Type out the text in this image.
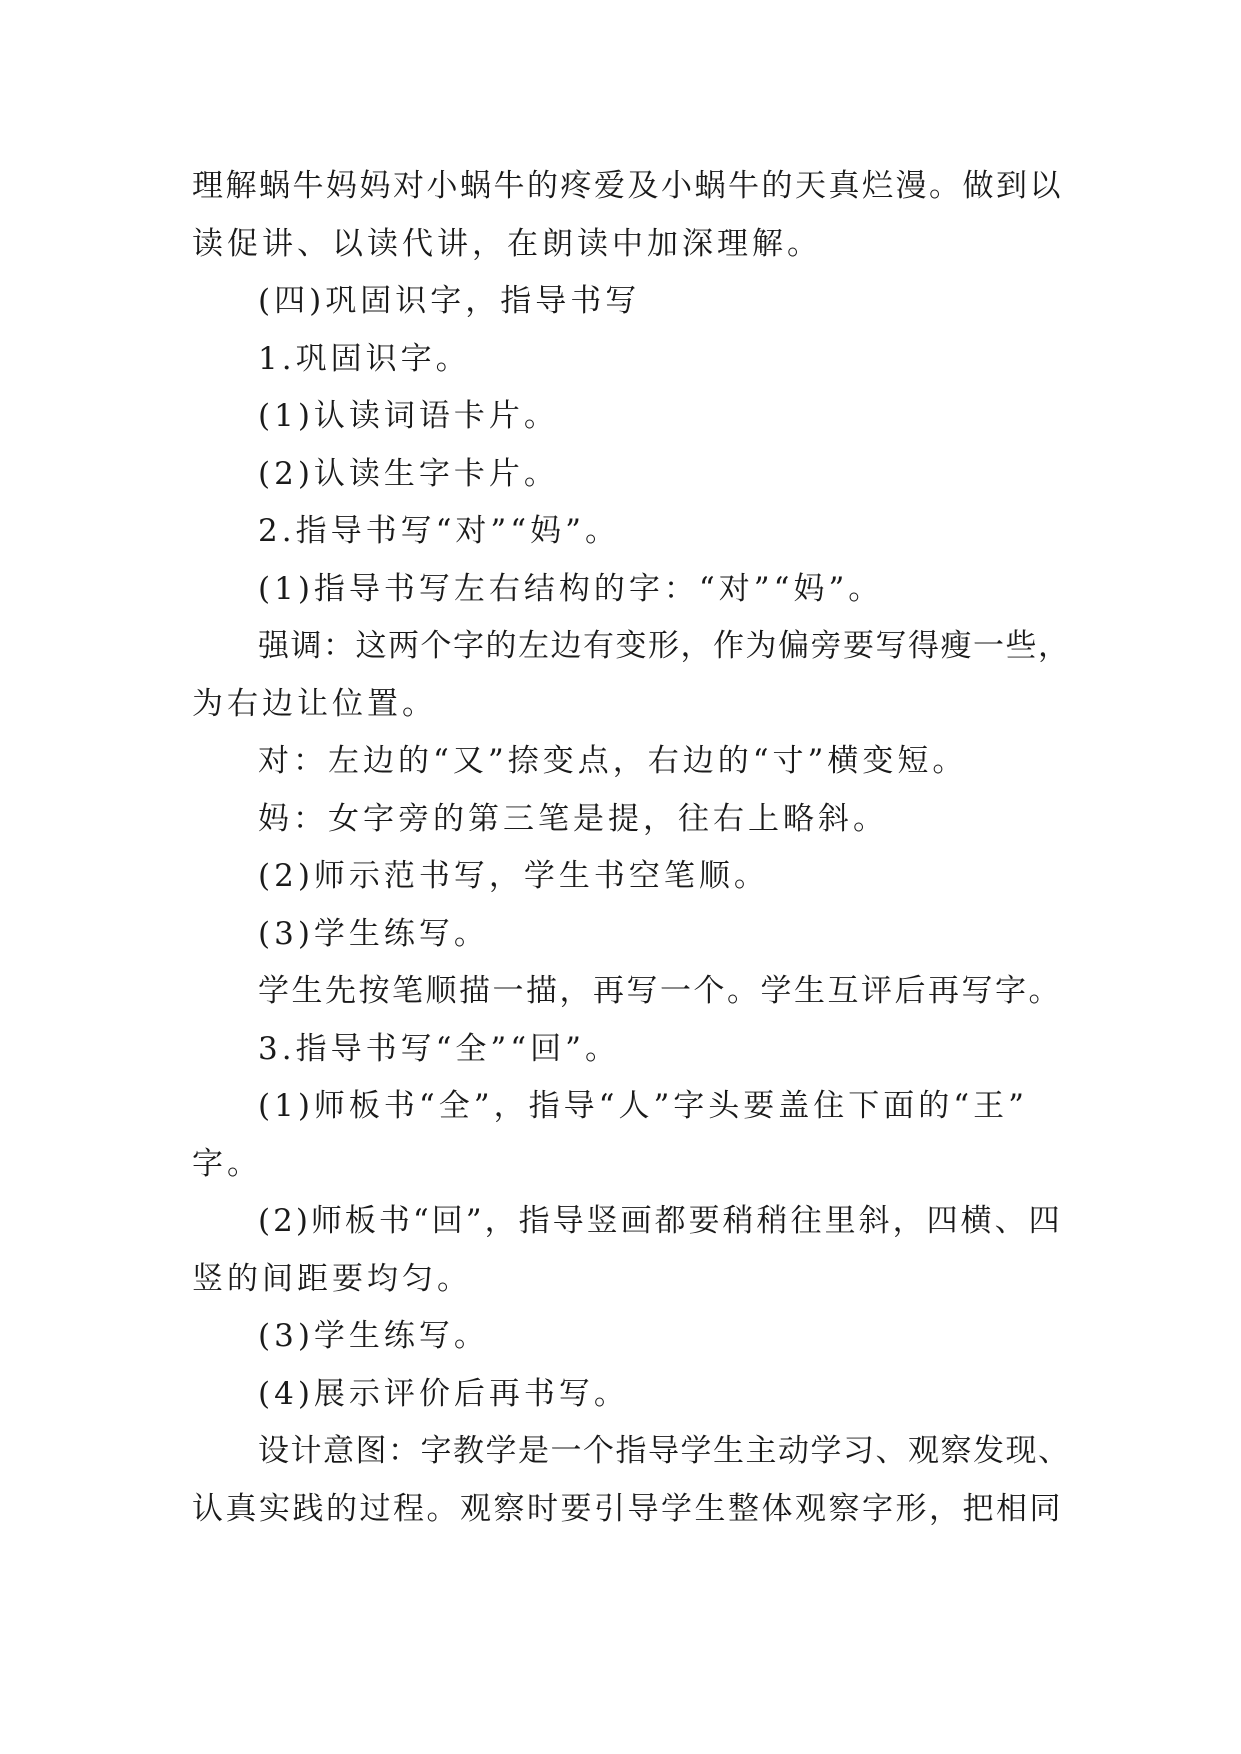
理解蜗牛妈妈对小蜗牛的疼爱及小蜗牛的天真烂漫。做到以

读促讲、以读代讲，在朗读中加深理解。

(四)巩固识字，指导书写

1.巩固识字。

(1)认读词语卡片。

(2)认读生字卡片。

2.指导书写“对”“妈”。

(1)指导书写左右结构的字：“对”“妈”。

强调：这两个字的左边有变形，作为偏旁要写得瘦一些，

为右边让位置。

对：左边的“又”捺变点，右边的“寸”横变短。

妈：女字旁的第三笔是提，往右上略斜。

(2)师示范书写，学生书空笔顺。

(3)学生练写。

学生先按笔顺描一描，再写一个。学生互评后再写字。

3.指导书写“全”“回”。

(1)师板书“全”，指导“人”字头要盖住下面的“王”

字。

(2)师板书“回”，指导竖画都要稍稍往里斜，四横、四

竖的间距要均匀。

(3)学生练写。

(4)展示评价后再书写。

设计意图：字教学是一个指导学生主动学习、观察发现、

认真实践的过程。观察时要引导学生整体观察字形，把相同
